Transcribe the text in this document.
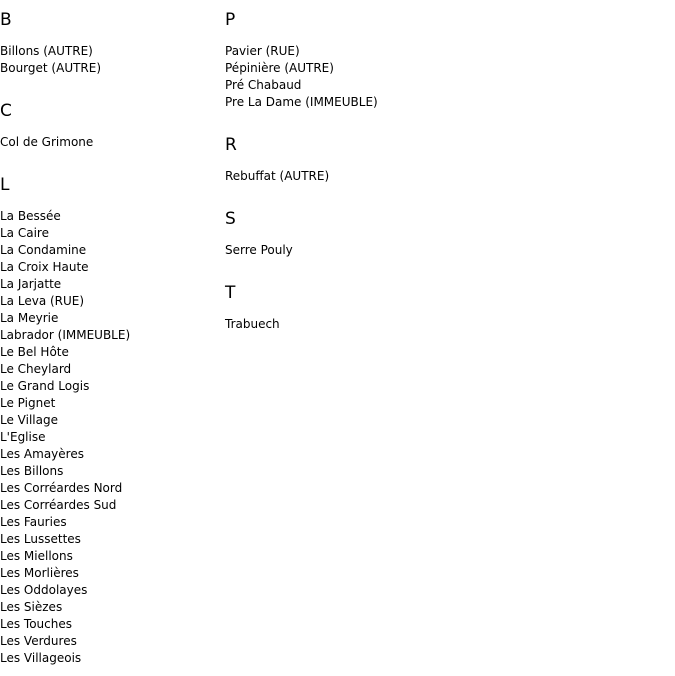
B
Billons (AUTRE)
Bourget (AUTRE)
C
Col de Grimone
L
La Bessée
La Caire
La Condamine
La Croix Haute
La Jarjatte
La Leva (RUE)
La Meyrie
Labrador (IMMEUBLE)
Le Bel Hôte
Le Cheylard
Le Grand Logis
Le Pignet
Le Village
L'Eglise
Les Amayères
Les Billons
Les Corréardes Nord
Les Corréardes Sud
Les Fauries
Les Lussettes
Les Miellons
Les Morlières
Les Oddolayes
Les Sièzes
Les Touches
Les Verdures
Les Villageois
P
Pavier (RUE)
Pépinière (AUTRE)
Pré Chabaud
Pre La Dame (IMMEUBLE)
R
Rebuffat (AUTRE)
S
Serre Pouly
T
Trabuech
